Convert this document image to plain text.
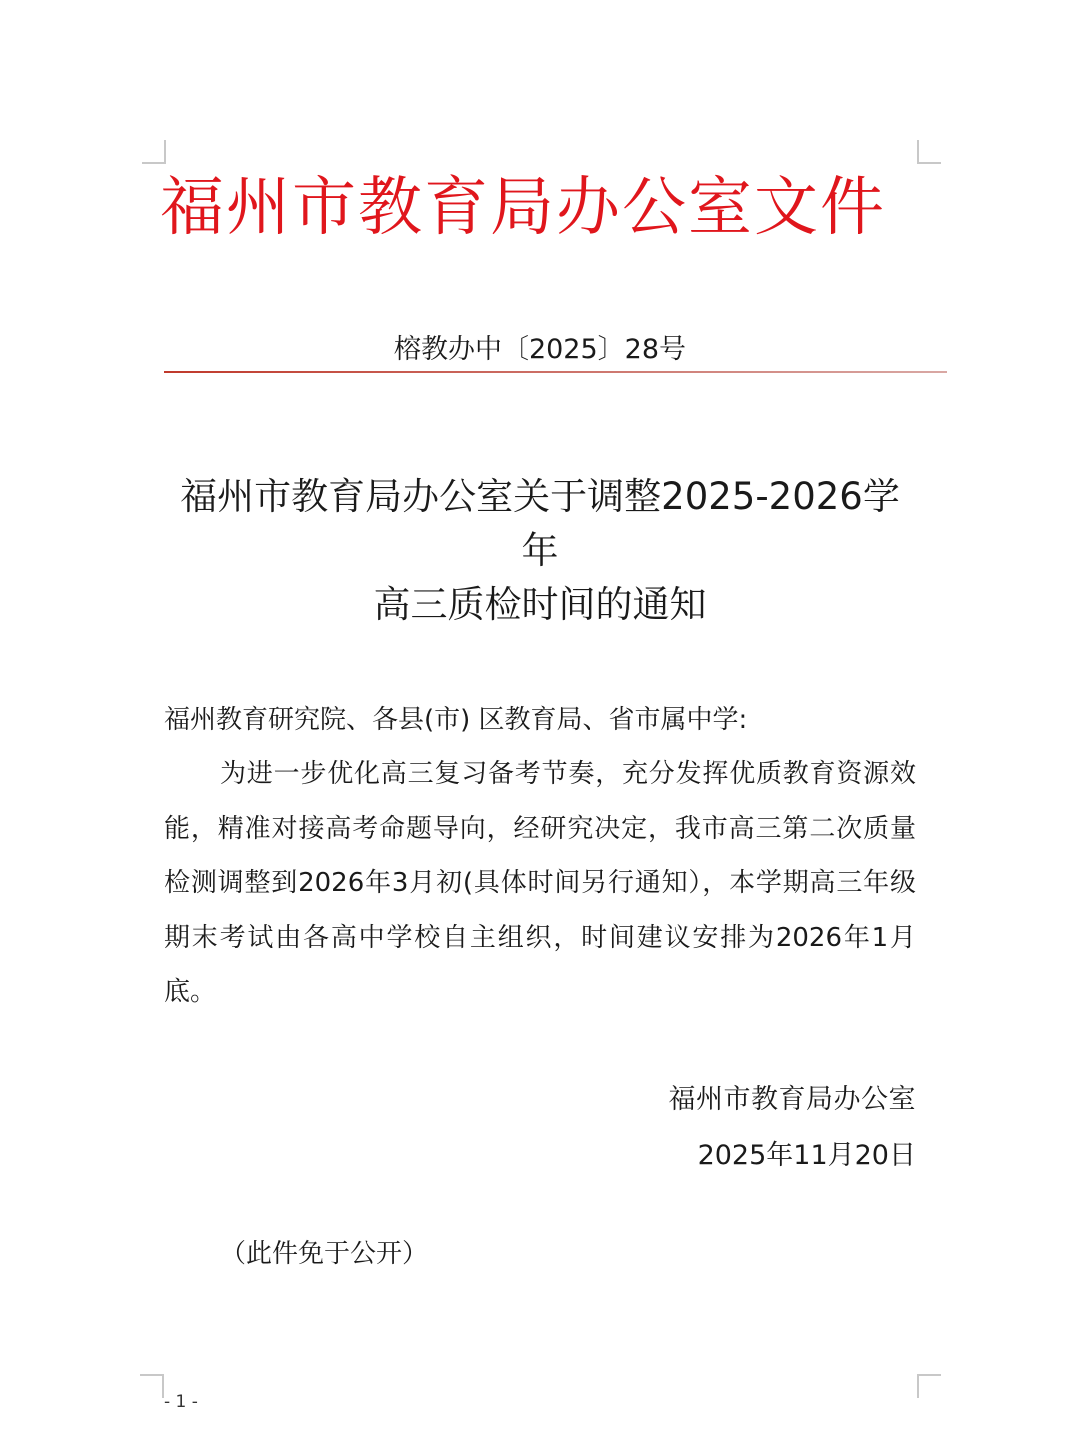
福州市教育局办公室文件
榕教办中〔2025〕28号
福州市教育局办公室关于调整2025-2026学
年
高三质检时间的通知
福州教育研究院、各县(市) 区教育局、省市属中学:
为进一步优化高三复习备考节奏，充分发挥优质教育资源效能，精准对接高考命题导向，经研究决定，我市高三第二次质量检测调整到2026年3月初(具体时间另行通知），本学期高三年级期末考试由各高中学校自主组织，时间建议安排为2026年1月底。
福州市教育局办公室
2025年11月20日
（此件免于公开）
- 1 -
